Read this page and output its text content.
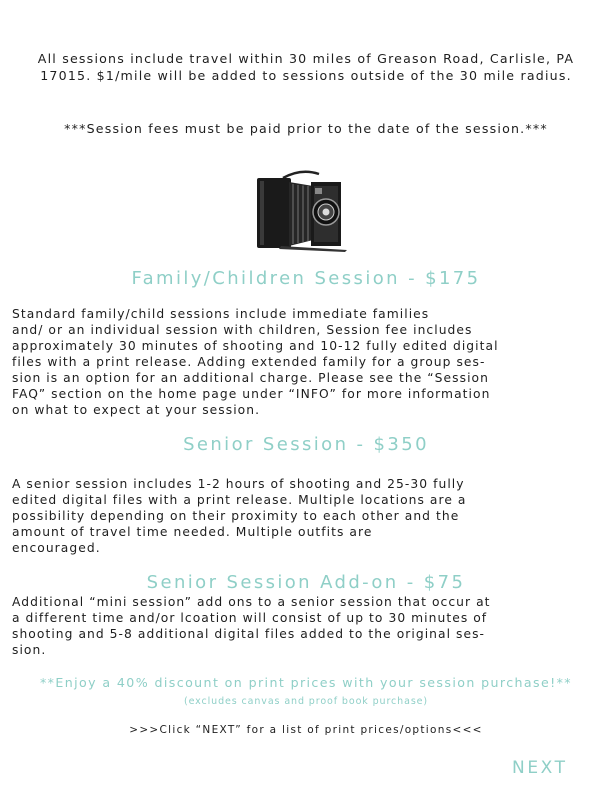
All sessions include travel within 30 miles of Greason Road, Carlisle, PA 17015. $1/mile will be added to sessions outside of the 30 mile radius.
***Session fees must be paid prior to the date of the session.***
Family/Children Session - $175

Standard family/child sessions include immediate families
and/ or an individual session with children, Session fee includes
approximately 30 minutes of shooting and 10-12 fully edited digital
files with a print release. Adding extended family for a group ses-
sion is an option for an additional charge. Please see the “Session
FAQ” section on the home page under “INFO” for more information
on what to expect at your session.

Senior Session - $350

A senior session includes 1-2 hours of shooting and 25-30 fully
edited digital files with a print release. Multiple locations are a
possibility depending on their proximity to each other and the
amount of travel time needed. Multiple outfits are
encouraged.

Senior Session Add-on - $75

Additional “mini session” add ons to a senior session that occur at
a different time and/or lcoation will consist of up to 30 minutes of
shooting and 5-8 additional digital files added to the original ses-
sion.

**Enjoy a 40% discount on print prices with your session purchase!**(excludes canvas and proof book purchase)
>>>Click “NEXT” for a list of print prices/options<<<
NEXT
